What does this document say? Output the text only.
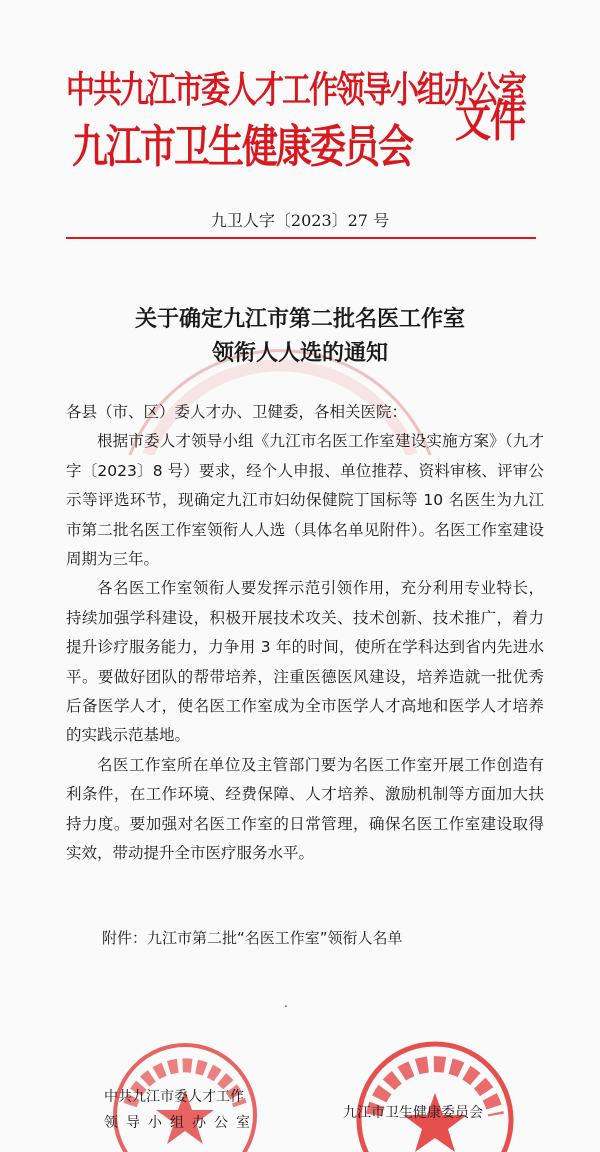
中共九江市委人才工作领导小组办公室
九江市卫生健康委员会
文件
九卫人字〔2023〕27 号
关于确定九江市第二批名医工作室
领衔人人选的通知

各县（市、区）委人才办、卫健委，各相关医院：

根据市委人才领导小组《九江市名医工作室建设实施方案》（九才字〔2023〕8 号）要求，经个人申报、单位推荐、资料审核、评审公示等评选环节，现确定九江市妇幼保健院丁国标等 10 名医生为九江市第二批名医工作室领衔人人选（具体名单见附件）。名医工作室建设周期为三年。

各名医工作室领衔人要发挥示范引领作用，充分利用专业特长，持续加强学科建设，积极开展技术攻关、技术创新、技术推广，着力提升诊疗服务能力，力争用 3 年的时间，使所在学科达到省内先进水平。要做好团队的帮带培养，注重医德医风建设，培养造就一批优秀后备医学人才，使名医工作室成为全市医学人才高地和医学人才培养的实践示范基地。

名医工作室所在单位及主管部门要为名医工作室开展工作创造有利条件，在工作环境、经费保障、人才培养、激励机制等方面加大扶持力度。要加强对名医工作室的日常管理，确保名医工作室建设取得实效，带动提升全市医疗服务水平。

附件：九江市第二批“名医工作室”领衔人名单
.
中共九江市委人才工作
领导小组办公室
九江市卫生健康委员会
